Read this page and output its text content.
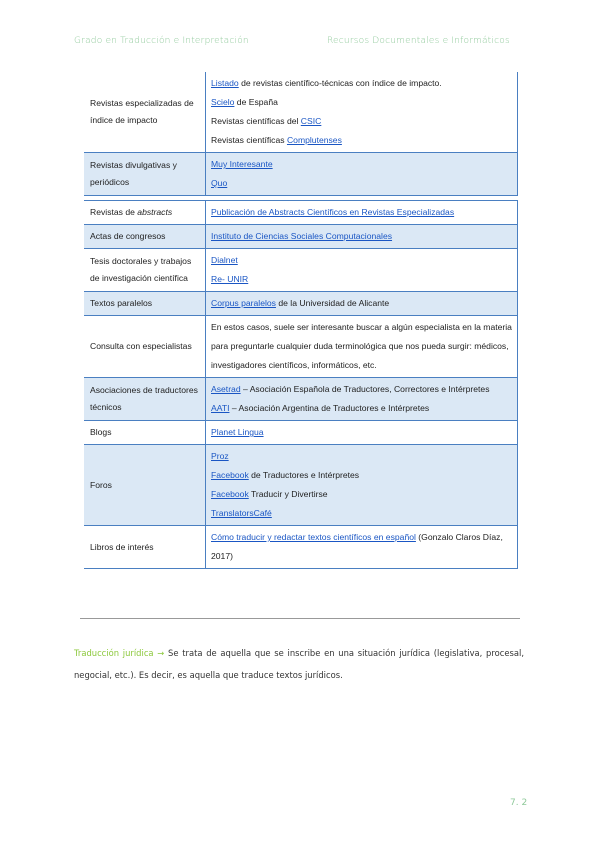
Grado en Traducción e Interpretación	Recursos Documentales e Informáticos
Revistas especializadas de índice de impacto	Listado de revistas científico-técnicas con índice de impacto.
Scielo de España
Revistas científicas del CSIC
Revistas científicas Complutenses

Revistas divulgativas y periódicos	Muy Interesante
Quo
Revistas de abstracts	Publicación de Abstracts Científicos en Revistas Especializadas

Actas de congresos	Instituto de Ciencias Sociales Computacionales

Tesis doctorales y trabajos de investigación científica	Dialnet
Re- UNIR

Textos paralelos	Corpus paralelos de la Universidad de Alicante

Consulta con especialistas	En estos casos, suele ser interesante buscar a algún especialista en la materia para preguntarle cualquier duda terminológica que nos pueda surgir: médicos, investigadores científicos, informáticos, etc.

Asociaciones de traductores técnicos	Asetrad – Asociación Española de Traductores, Correctores e Intérpretes
AATI – Asociación Argentina de Traductores e Intérpretes

Blogs	Planet Lingua

Foros	Proz
Facebook de Traductores e Intérpretes
Facebook Traducir y Divertirse
TranslatorsCafé

Libros de interés	Cómo traducir y redactar textos científicos en español (Gonzalo Claros Díaz, 2017)
Traducción jurídica → Se trata de aquella que se inscribe en una situación jurídica (legislativa, procesal, negocial, etc.). Es decir, es aquella que traduce textos jurídicos.
7. 2
